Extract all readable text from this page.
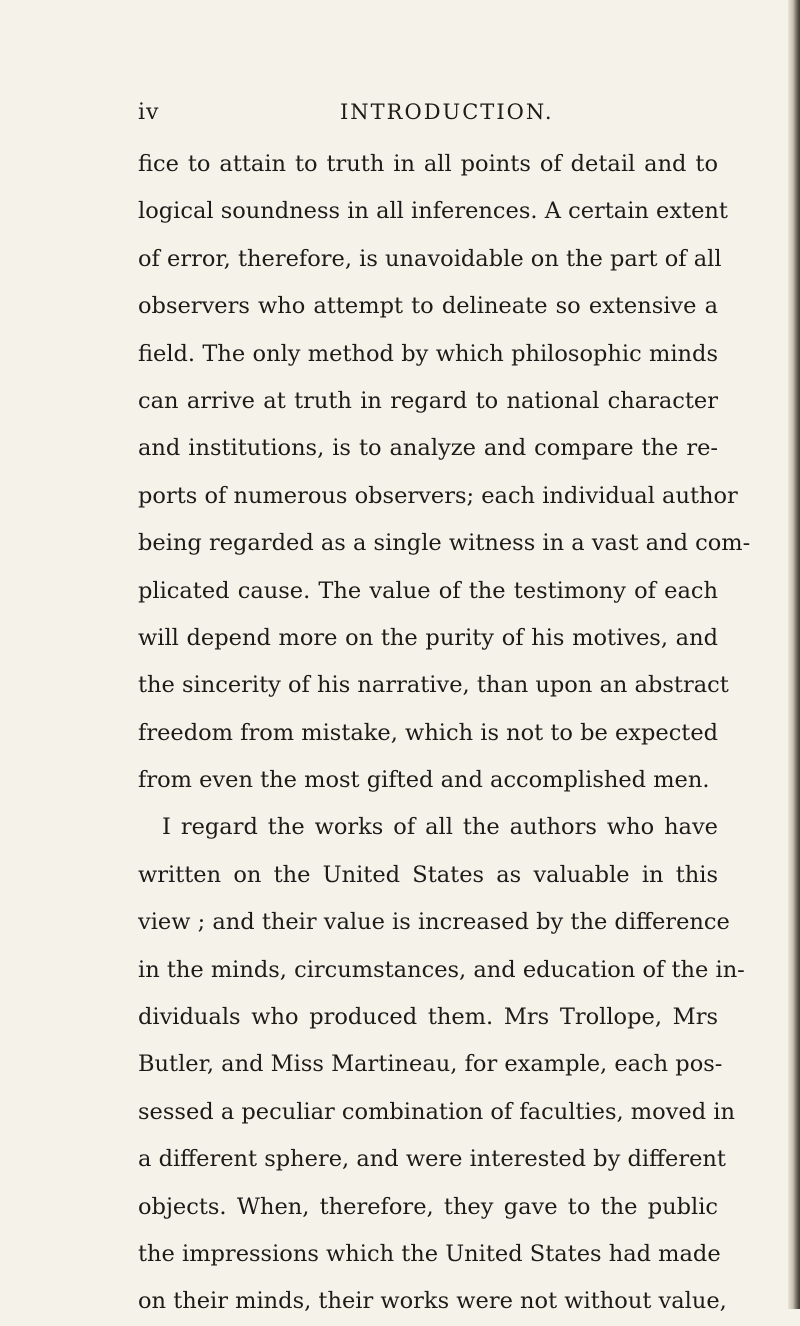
iv	INTRODUCTION.
fice to attain to truth in all points of detail and to
logical soundness in all inferences. A certain extent
of error, therefore, is unavoidable on the part of all
observers who attempt to delineate so extensive a
field. The only method by which philosophic minds
can arrive at truth in regard to national character
and institutions, is to analyze and compare the re-
ports of numerous observers; each individual author
being regarded as a single witness in a vast and com-
plicated cause. The value of the testimony of each
will depend more on the purity of his motives, and
the sincerity of his narrative, than upon an abstract
freedom from mistake, which is not to be expected
from even the most gifted and accomplished men.
I regard the works of all the authors who have
written on the United States as valuable in this
view ; and their value is increased by the difference
in the minds, circumstances, and education of the in-
dividuals who produced them. Mrs Trollope, Mrs
Butler, and Miss Martineau, for example, each pos-
sessed a peculiar combination of faculties, moved in
a different sphere, and were interested by different
objects. When, therefore, they gave to the public
the impressions which the United States had made
on their minds, their works were not without value,
